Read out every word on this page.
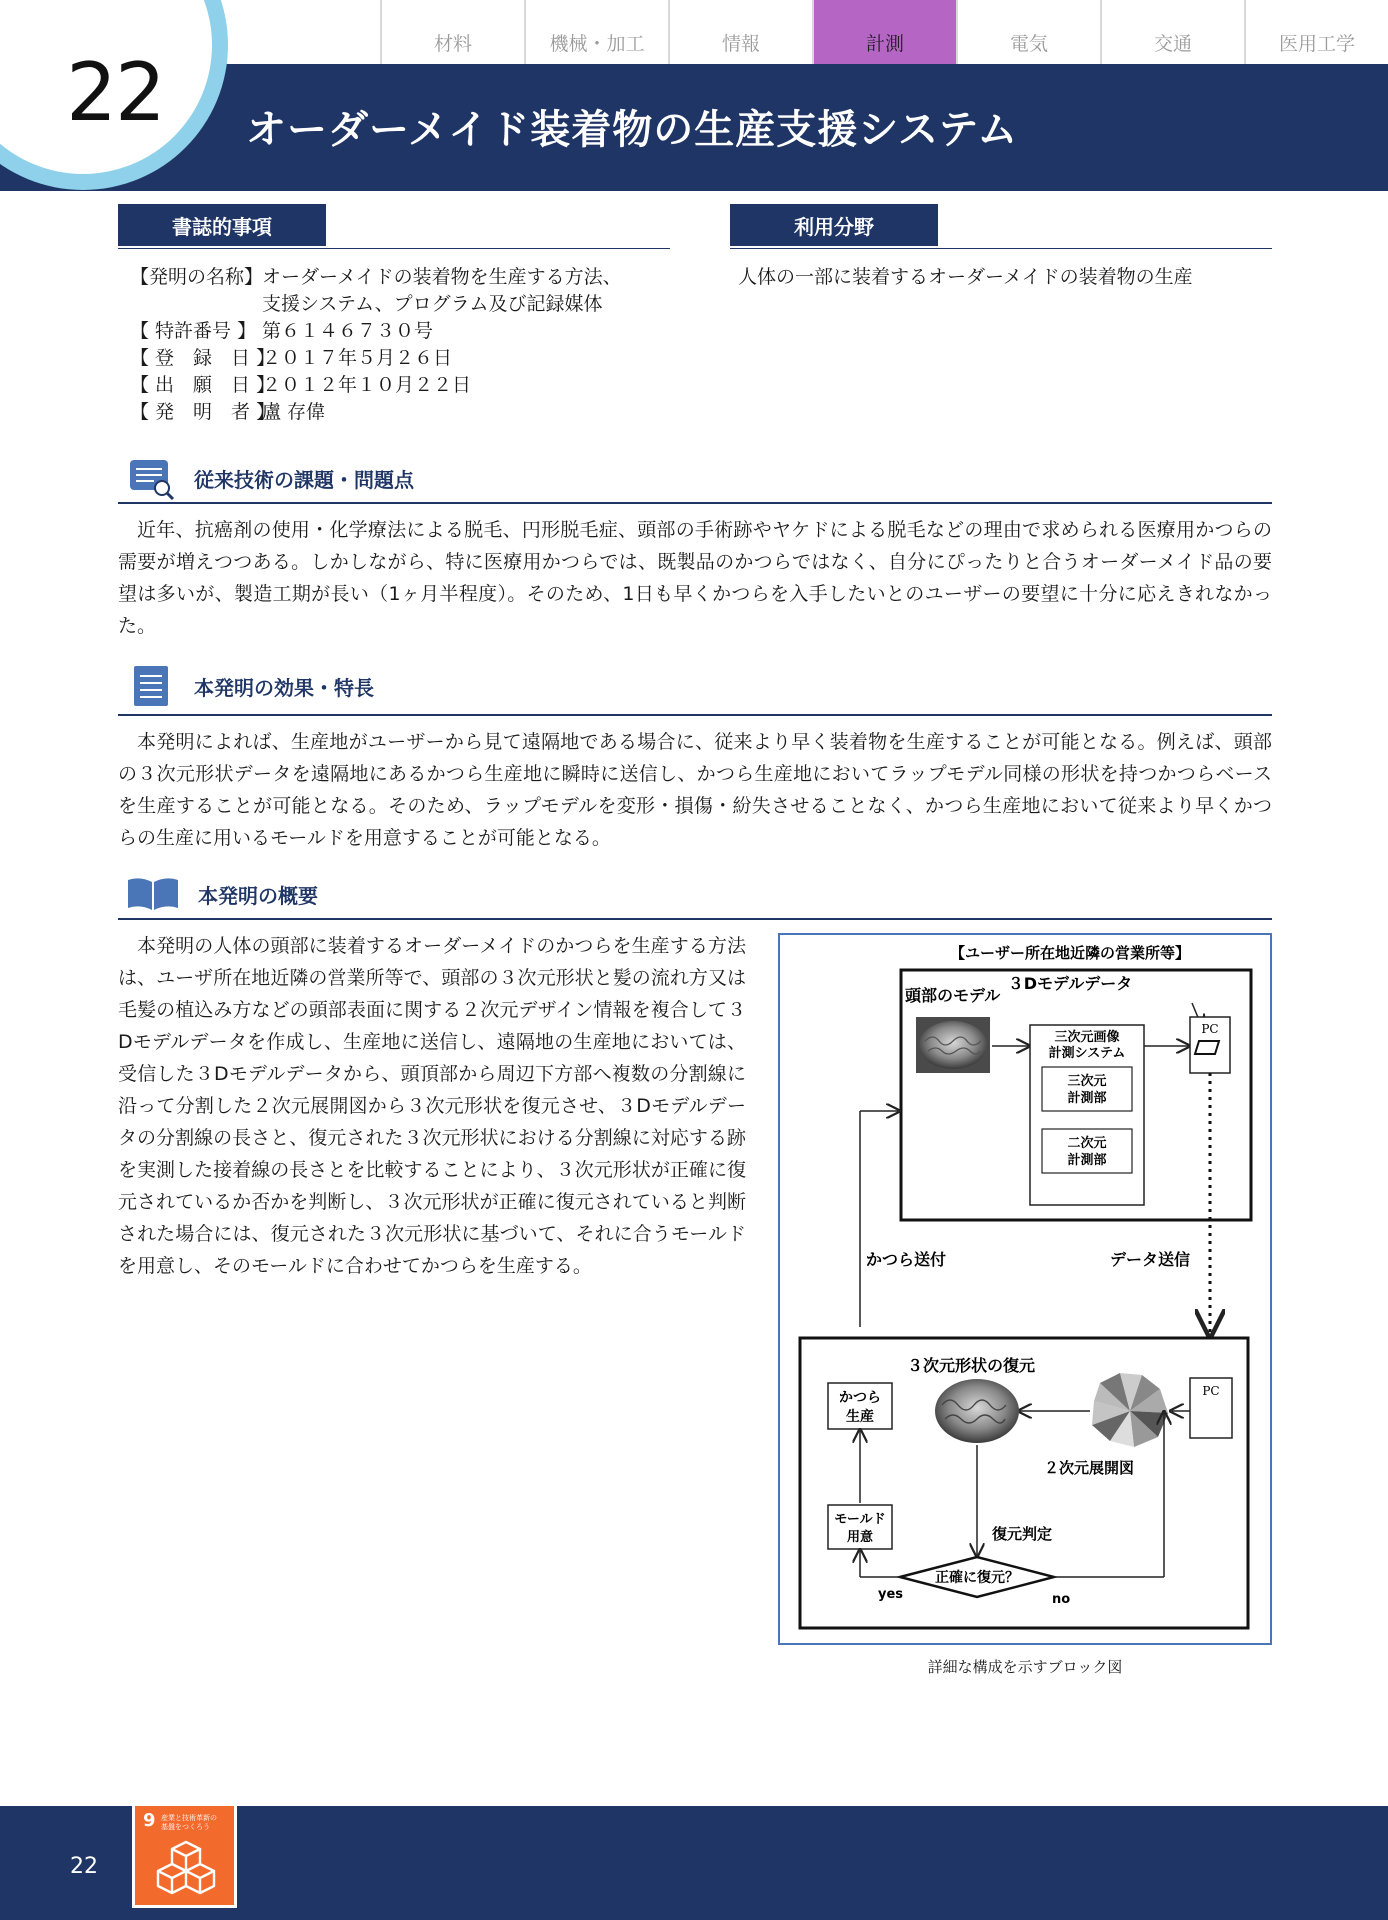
材料	機械・加工	情報	計測	電気	交通	医用工学
22 オーダーメイド装着物の生産支援システム
書誌的事項
【発明の名称】
オーダーメイドの装着物を生産する方法、
支援システム、プログラム及び記録媒体
【 特許番号 】 第６１４６７３０号
【 登　録　日 】
２０１７年５月２６日
【 出　願　日 】
２０１２年１０月２２日
【 発　明　者 】
盧 存偉
利用分野
人体の一部に装着するオーダーメイドの装着物の生産
従来技術の課題・問題点
近年、抗癌剤の使用・化学療法による脱毛、円形脱毛症、頭部の手術跡やヤケドによる脱毛などの理由で求められる医療用かつらの需要が増えつつある。しかしながら、特に医療用かつらでは、既製品のかつらではなく、自分にぴったりと合うオーダーメイド品の要望は多いが、製造工期が長い（1ヶ月半程度）。そのため、1日も早くかつらを入手したいとのユーザーの要望に十分に応えきれなかった。
本発明の効果・特長
本発明によれば、生産地がユーザーから見て遠隔地である場合に、従来より早く装着物を生産することが可能となる。例えば、頭部の３次元形状データを遠隔地にあるかつら生産地に瞬時に送信し、かつら生産地においてラップモデル同様の形状を持つかつらベースを生産することが可能となる。そのため、ラップモデルを変形・損傷・紛失させることなく、かつら生産地において従来より早くかつらの生産に用いるモールドを用意することが可能となる。
本発明の概要
本発明の人体の頭部に装着するオーダーメイドのかつらを生産する方法は、ユーザ所在地近隣の営業所等で、頭部の３次元形状と髪の流れ方又は毛髪の植込み方などの頭部表面に関する２次元デザイン情報を複合して３Dモデルデータを作成し、生産地に送信し、遠隔地の生産地においては、受信した３Dモデルデータから、頭頂部から周辺下方部へ複数の分割線に沿って分割した２次元展開図から３次元形状を復元させ、３Dモデルデータの分割線の長さと、復元された３次元形状における分割線に対応する跡を実測した接着線の長さとを比較することにより、３次元形状が正確に復元されているか否かを判断し、３次元形状が正確に復元されていると判断された場合には、復元された３次元形状に基づいて、それに合うモールドを用意し、そのモールドに合わせてかつらを生産する。
【ユーザー所在地近隣の営業所等】
３Dモデルデータ
頭部のモデル
三次元画像
計測システム
三次元
計測部
二次元
計測部
PC
かつら送付	データ送信
３次元形状の復元
PC
２次元展開図
かつら
生産
モールド
用意	復元判定
正確に復元？
yes	no
詳細な構成を示すブロック図
22
9 産業と技術革新の
基盤をつくろう
